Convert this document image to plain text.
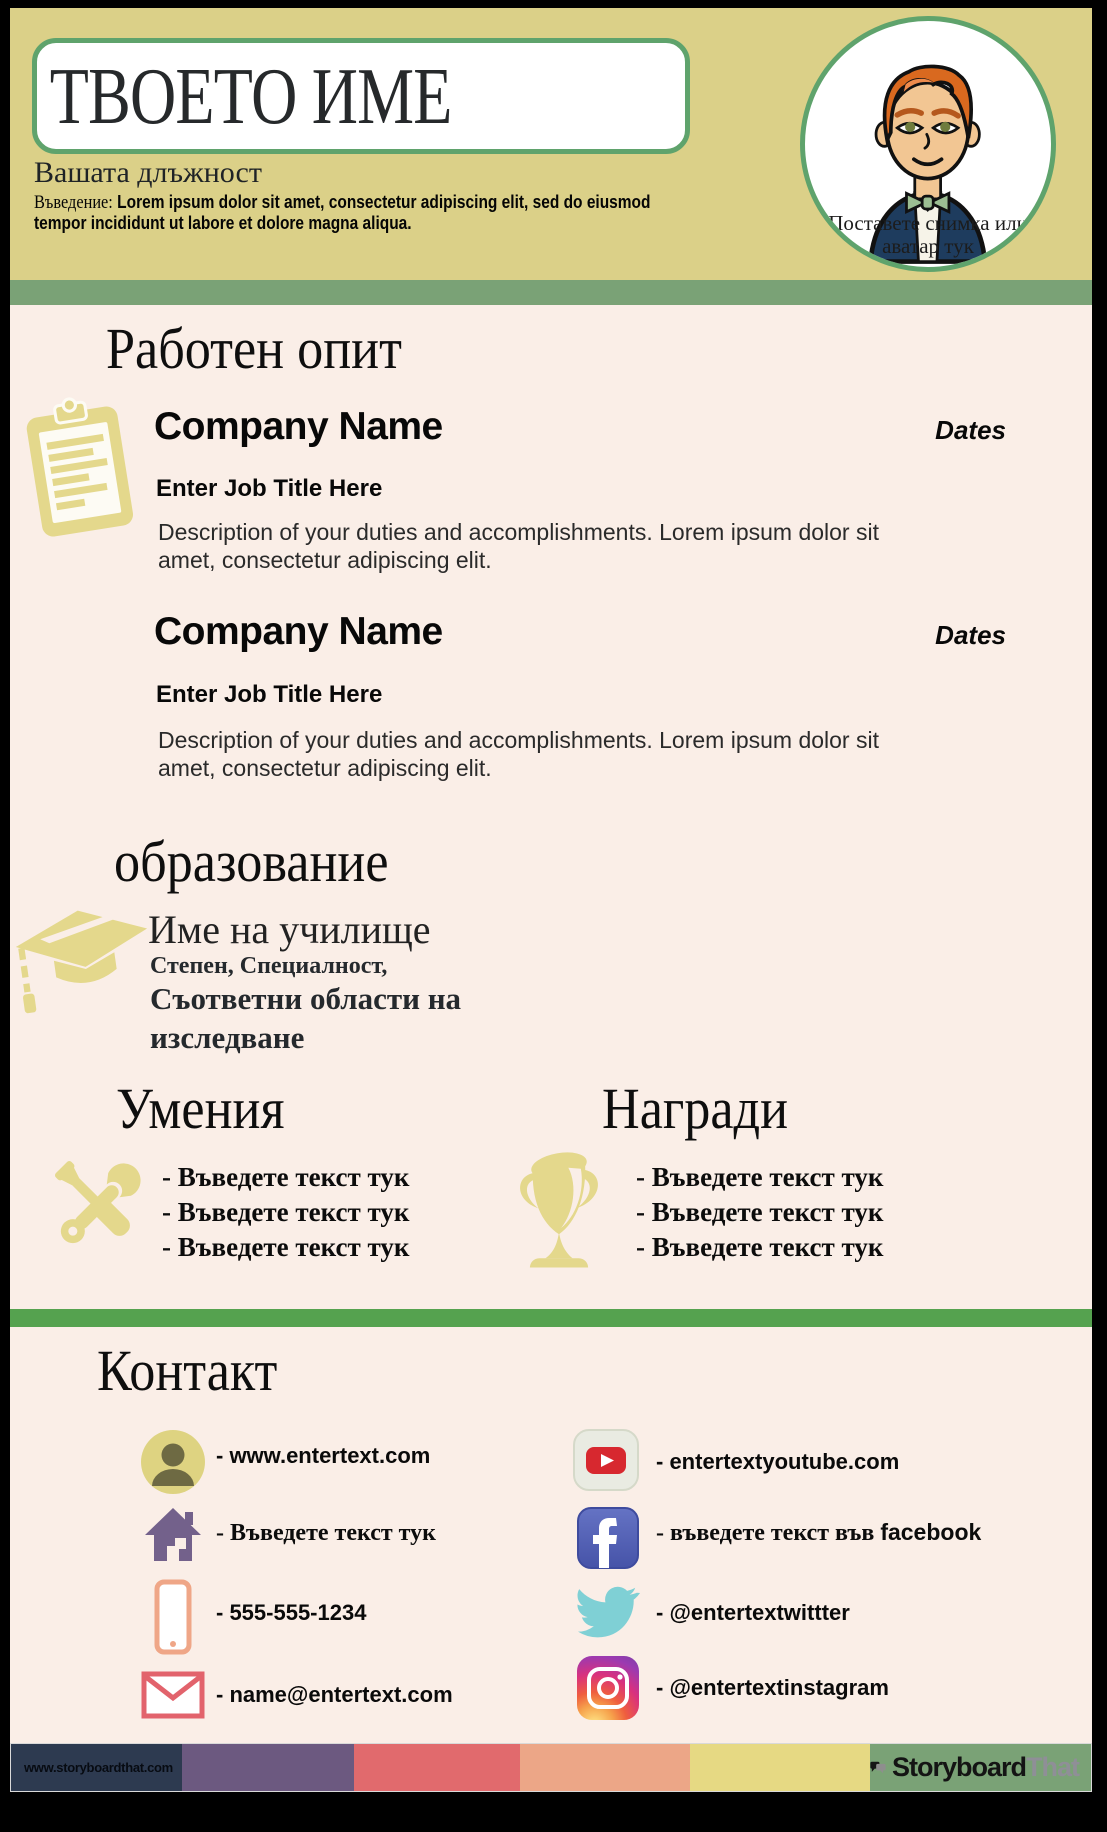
ТВОЕТО ИМЕ
Вашата длъжност
Въведение: Lorem ipsum dolor sit amet, consectetur adipiscing elit, sed do eiusmod tempor incididunt ut labore et dolore magna aliqua.	Поставете снимка или
аватар тук
Работен опит
Company Name	Dates
Enter Job Title Here
Description of your duties and accomplishments. Lorem ipsum dolor sit amet, consectetur adipiscing elit.
Company Name	Dates
Enter Job Title Here
Description of your duties and accomplishments. Lorem ipsum dolor sit amet, consectetur adipiscing elit.
образование
Име на училище
Степен, Специалност,
Съответни области на изследване
Умения
- Въведете текст тук
- Въведете текст тук
- Въведете текст тук
Награди
- Въведете текст тук
- Въведете текст тук
- Въведете текст тук
Контакт
- www.entertext.com
- Въведете текст тук
- 555-555-1234
- name@entertext.com
- entertextyoutube.com
- въведете текст във facebook
- @entertextwittter
- @entertextinstagram
www.storyboardthat.com	Storyboard That
